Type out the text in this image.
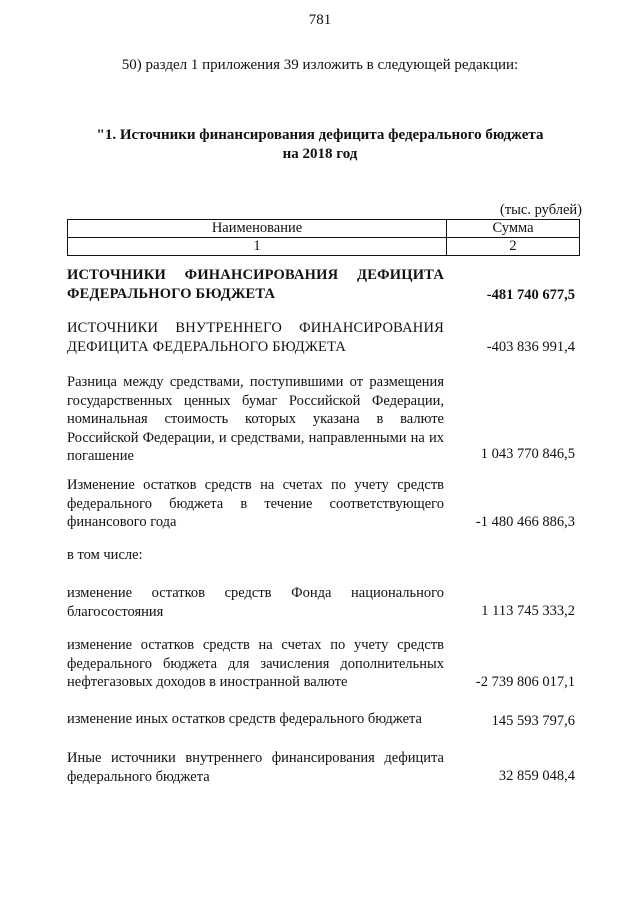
781
50) раздел 1 приложения 39 изложить в следующей редакции:
"1. Источники финансирования дефицита федерального бюджета
на 2018 год
(тыс. рублей)
Наименование	Сумма
1	2
ИСТОЧНИКИ ФИНАНСИРОВАНИЯ ДЕФИЦИТА ФЕДЕРАЛЬНОГО БЮДЖЕТА	-481 740 677,5
ИСТОЧНИКИ ВНУТРЕННЕГО ФИНАНСИРОВАНИЯ ДЕФИЦИТА ФЕДЕРАЛЬНОГО БЮДЖЕТА	-403 836 991,4
Разница между средствами, поступившими от размещения государственных ценных бумаг Российской Федерации, номинальная стоимость которых указана в валюте Российской Федерации, и средствами, направленными на их погашение	1 043 770 846,5
Изменение остатков средств на счетах по учету средств федерального бюджета в течение соответствующего финансового года	-1 480 466 886,3
в том числе:
изменение остатков средств Фонда национального благосостояния	1 113 745 333,2
изменение остатков средств на счетах по учету средств федерального бюджета для зачисления дополнительных нефтегазовых доходов в иностранной валюте	-2 739 806 017,1
изменение иных остатков средств федерального бюджета	145 593 797,6
Иные источники внутреннего финансирования дефицита федерального бюджета	32 859 048,4
